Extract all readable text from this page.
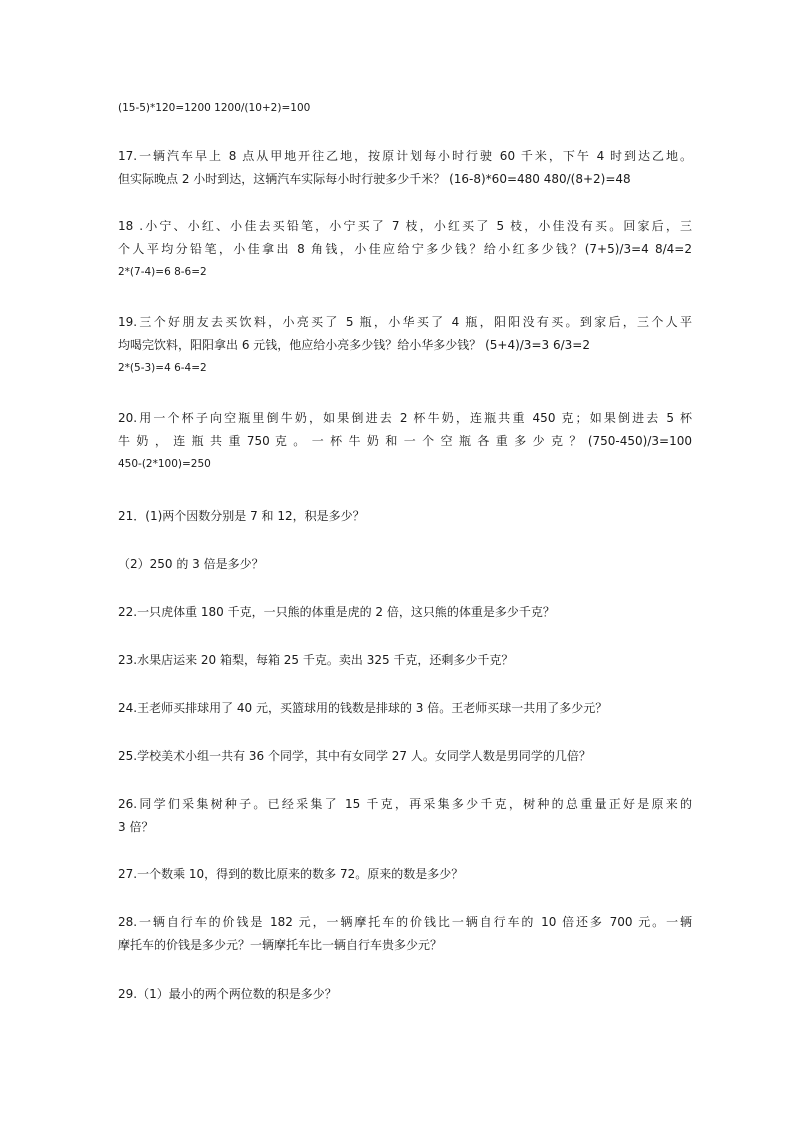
(15-5)*120=1200 1200/(10+2)=100
17.一辆汽车早上 8 点从甲地开往乙地，按原计划每小时行驶 60 千米，下午 4 时到达乙地。
但实际晚点 2 小时到达，这辆汽车实际每小时行驶多少千米？ (16-8)*60=480 480/(8+2)=48
18 .小宁、小红、小佳去买铅笔，小宁买了 7 枝，小红买了 5 枝，小佳没有买。回家后，三
个人平均分铅笔，小佳拿出 8 角钱，小佳应给宁多少钱？给小红多少钱？(7+5)/3=4 8/4=2
2*(7-4)=6 8-6=2
19.三个好朋友去买饮料，小亮买了 5 瓶，小华买了 4 瓶，阳阳没有买。到家后，三个人平
均喝完饮料，阳阳拿出 6 元钱，他应给小亮多少钱？给小华多少钱？ (5+4)/3=3 6/3=2
2*(5-3)=4 6-4=2
20.用一个杯子向空瓶里倒牛奶，如果倒进去 2 杯牛奶，连瓶共重 450 克；如果倒进去 5 杯
牛 奶 ， 连 瓶 共 重 750 克 。 一 杯 牛 奶 和 一 个 空 瓶 各 重 多 少 克 ？ (750-450)/3=100
450-(2*100)=250
21．(1)两个因数分别是 7 和 12，积是多少？
（2）250 的 3 倍是多少？
22.一只虎体重 180 千克，一只熊的体重是虎的 2 倍，这只熊的体重是多少千克？
23.水果店运来 20 箱梨，每箱 25 千克。卖出 325 千克，还剩多少千克？
24.王老师买排球用了 40 元，买篮球用的钱数是排球的 3 倍。王老师买球一共用了多少元？
25.学校美术小组一共有 36 个同学，其中有女同学 27 人。女同学人数是男同学的几倍？
26.同学们采集树种子。已经采集了 15 千克，再采集多少千克，树种的总重量正好是原来的
3 倍？
27.一个数乘 10，得到的数比原来的数多 72。原来的数是多少？
28.一辆自行车的价钱是 182 元，一辆摩托车的价钱比一辆自行车的 10 倍还多 700 元。一辆
摩托车的价钱是多少元？一辆摩托车比一辆自行车贵多少元？
29.（1）最小的两个两位数的积是多少？
